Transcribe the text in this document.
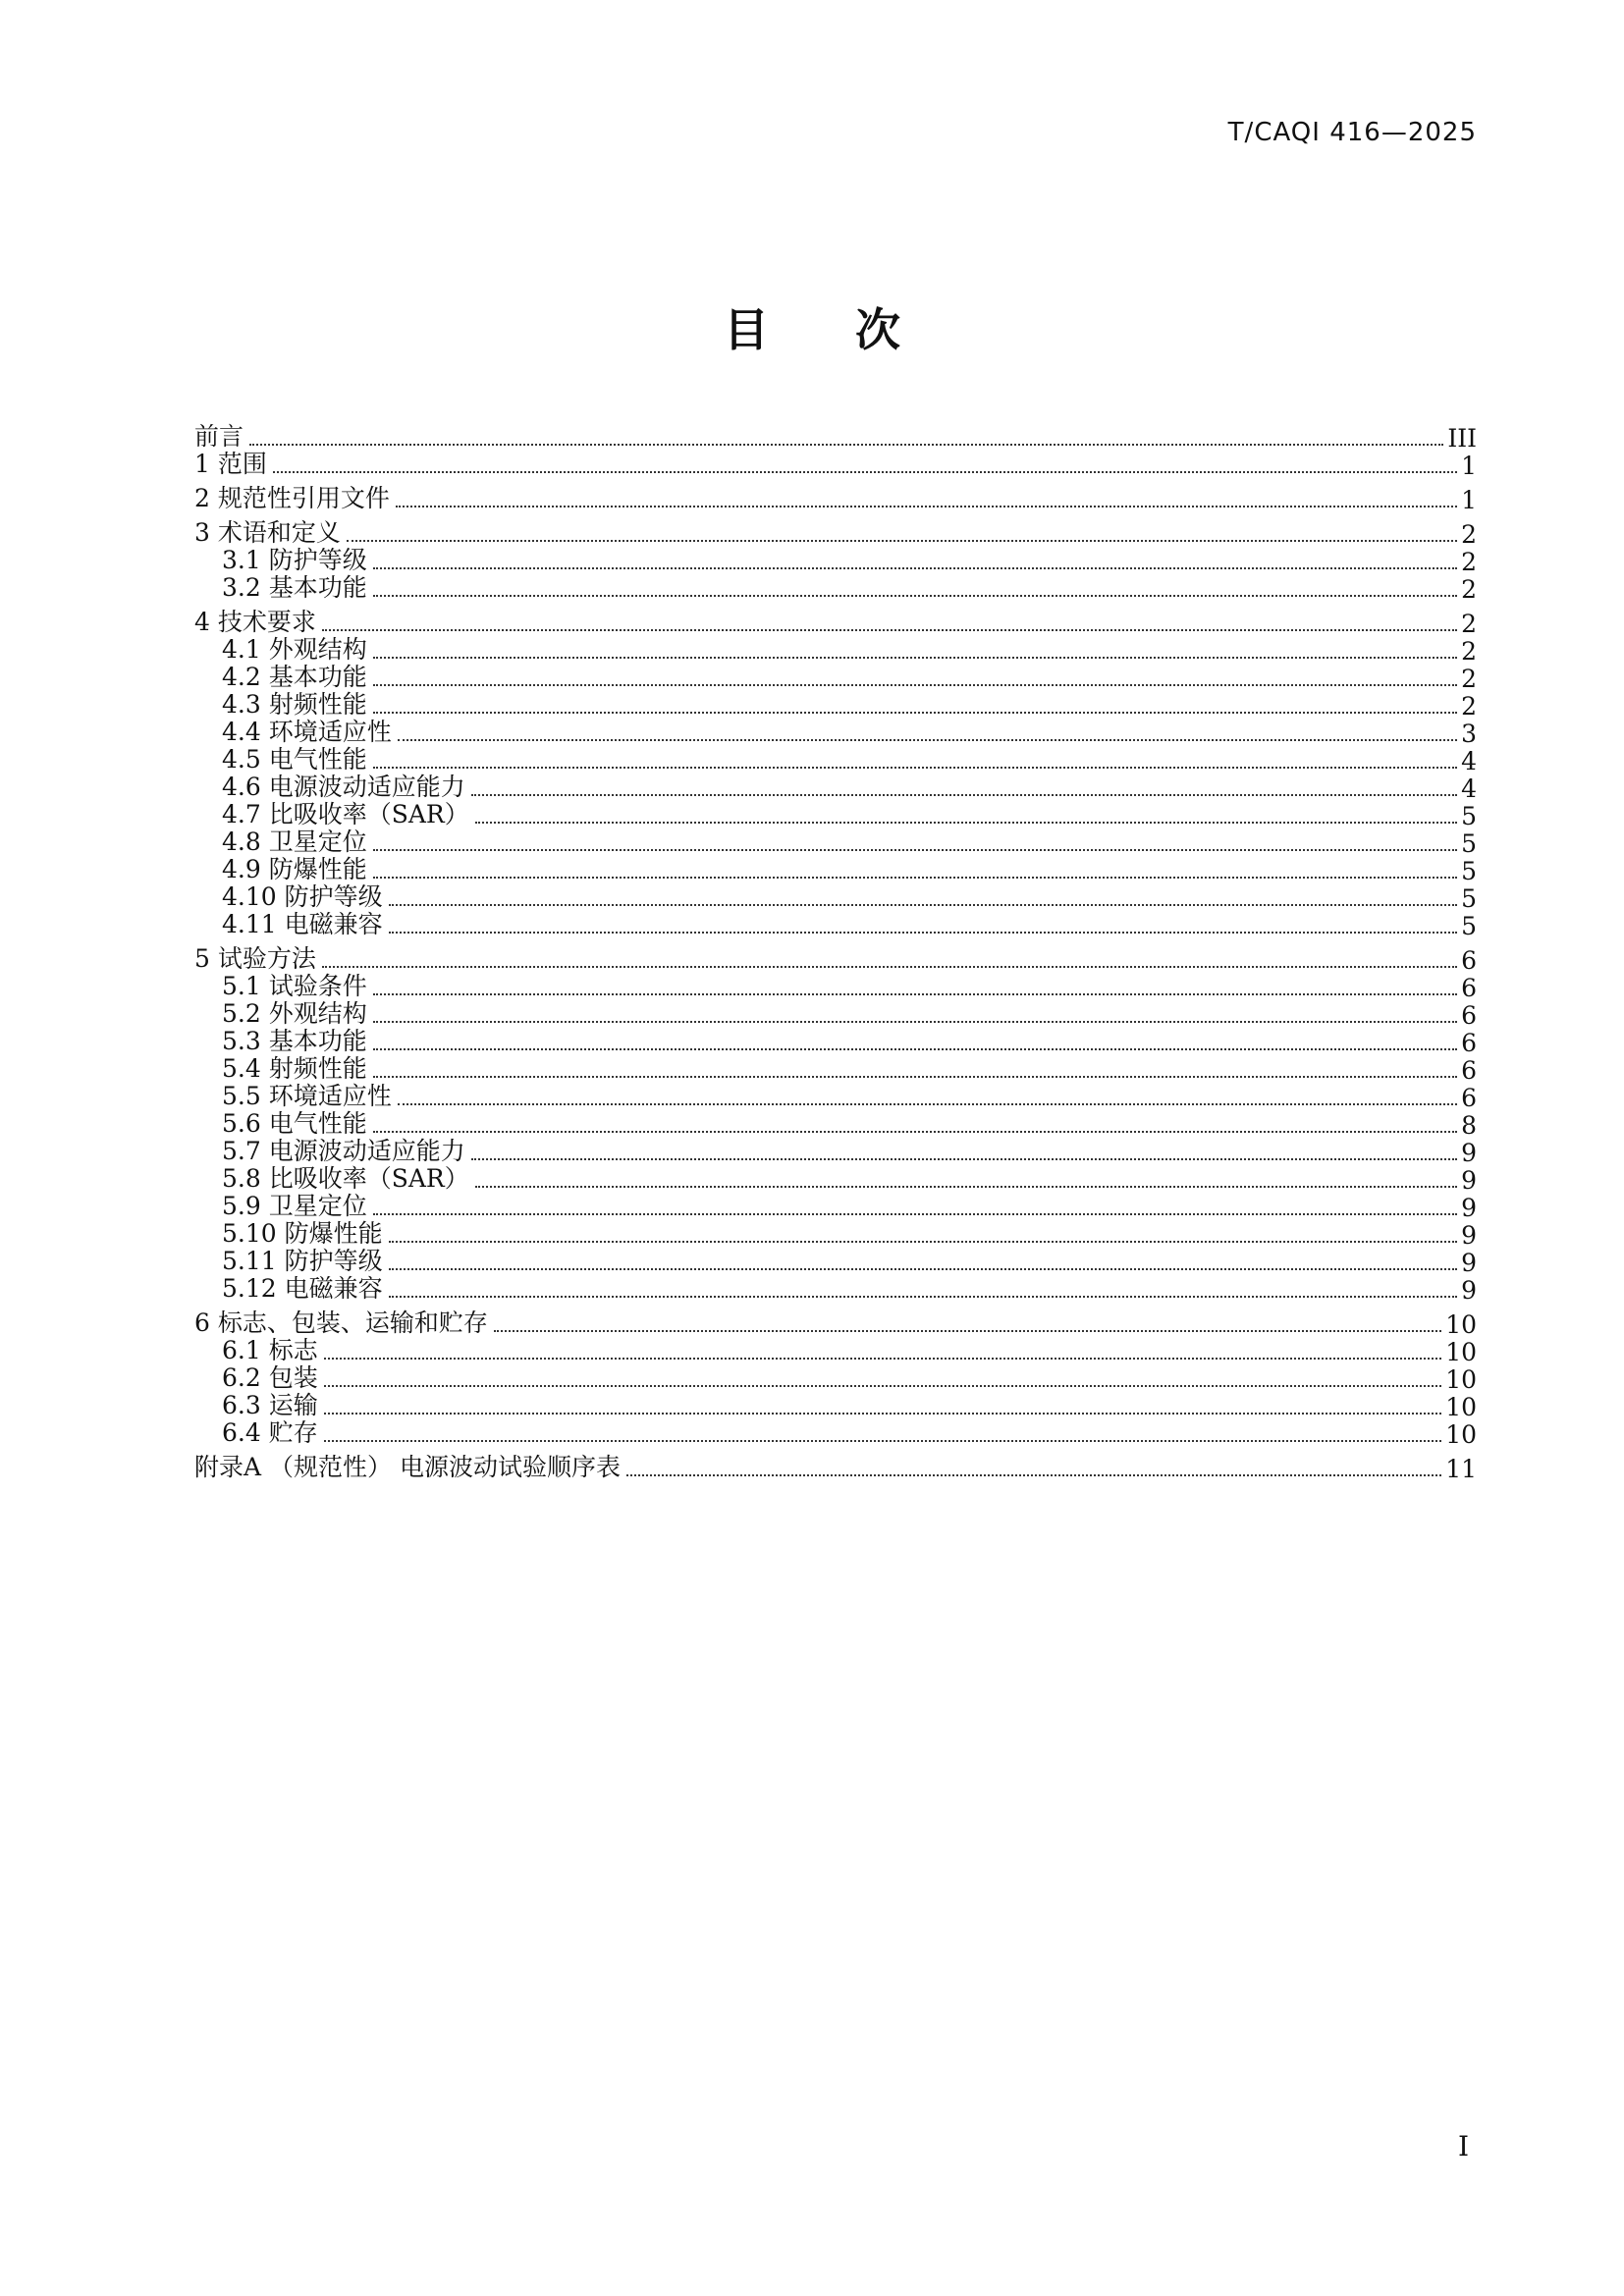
T/CAQI 416—2025
目 次
前言	III
1 范围	1
2 规范性引用文件	1
3 术语和定义	2
3.1 防护等级	2
3.2 基本功能	2
4 技术要求	2
4.1 外观结构	2
4.2 基本功能	2
4.3 射频性能	2
4.4 环境适应性	3
4.5 电气性能	4
4.6 电源波动适应能力	4
4.7 比吸收率（SAR）	5
4.8 卫星定位	5
4.9 防爆性能	5
4.10 防护等级	5
4.11 电磁兼容	5
5 试验方法	6
5.1 试验条件	6
5.2 外观结构	6
5.3 基本功能	6
5.4 射频性能	6
5.5 环境适应性	6
5.6 电气性能	8
5.7 电源波动适应能力	9
5.8 比吸收率（SAR）	9
5.9 卫星定位	9
5.10 防爆性能	9
5.11 防护等级	9
5.12 电磁兼容	9
6 标志、包装、运输和贮存	10
6.1 标志	10
6.2 包装	10
6.3 运输	10
6.4 贮存	10
附录A （规范性） 电源波动试验顺序表	11
I
